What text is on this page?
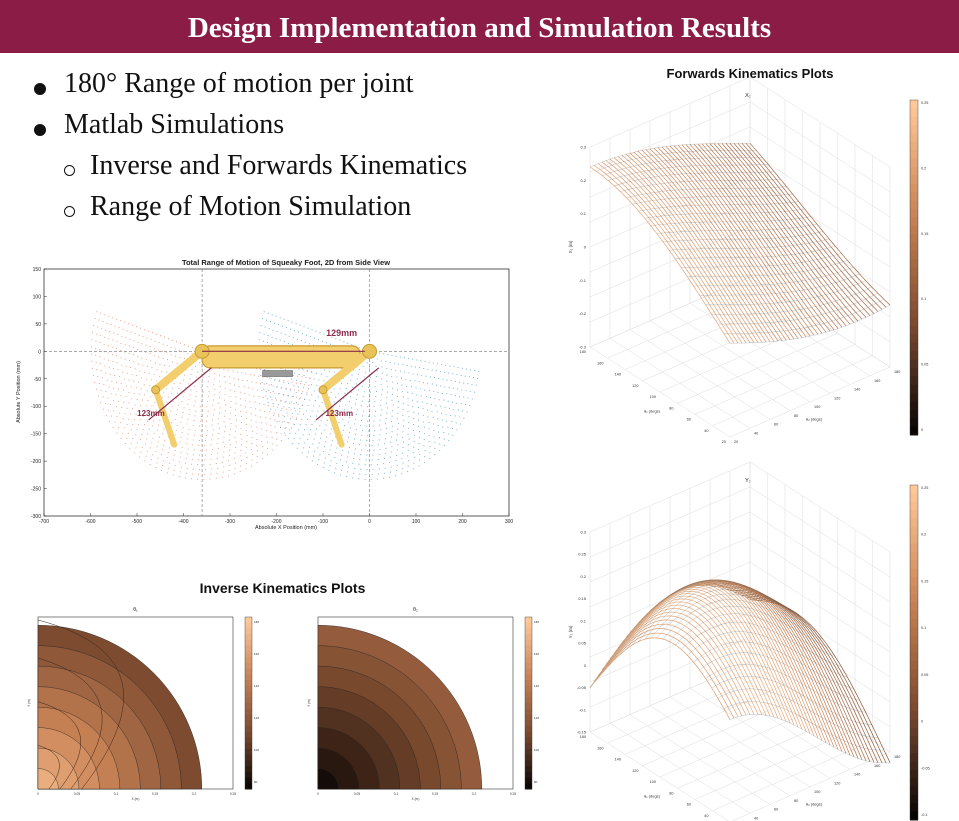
Design Implementation and Simulation Results
180° Range of motion per joint
Matlab Simulations
Inverse and Forwards Kinematics
Range of Motion Simulation
Total Range of Motion of Squeaky Foot, 2D from Side View
-700	-600	-500	-400	-300	-200	-100	0	100	200	300
150
100
50
0
-50
-100
-150
-200
-250
-300
129mm
123mm	123mm
Absolute X Position (mm)
Absolute Y Position (mm)
Inverse Kinematics Plots
θ₁
0	0.05	0.1	0.15	0.2	0.25
X (m)
Y (m)
180
160
140
120
100
80
θ₂
0	0.05	0.1	0.15	0.2	0.25
X (m)
Y (m)
180
160
140
120
100
80
Forwards Kinematics Plots
X₂
0.3
0.2
0.1
0
-0.1
-0.2
-0.3
X₂ (m)
180
160
140
120
100
80
60
40
20
θ₁ (degs)
20
40
60
80
100
120
140
160
180
θ₂ (degs)
0.25
0.2
0.15
0.1
0.05
0
Y₂
0.3
0.25
0.2
0.15
0.1
0.05
0
-0.05
-0.1
-0.15
Y₂ (m)
180
160
140
120
100
80
60
40
θ₁ (degs)
40
60
80
100
120
140
160
180
θ₂ (degs)
0.25
0.2
0.15
0.1
0.05
0
-0.05
-0.1
